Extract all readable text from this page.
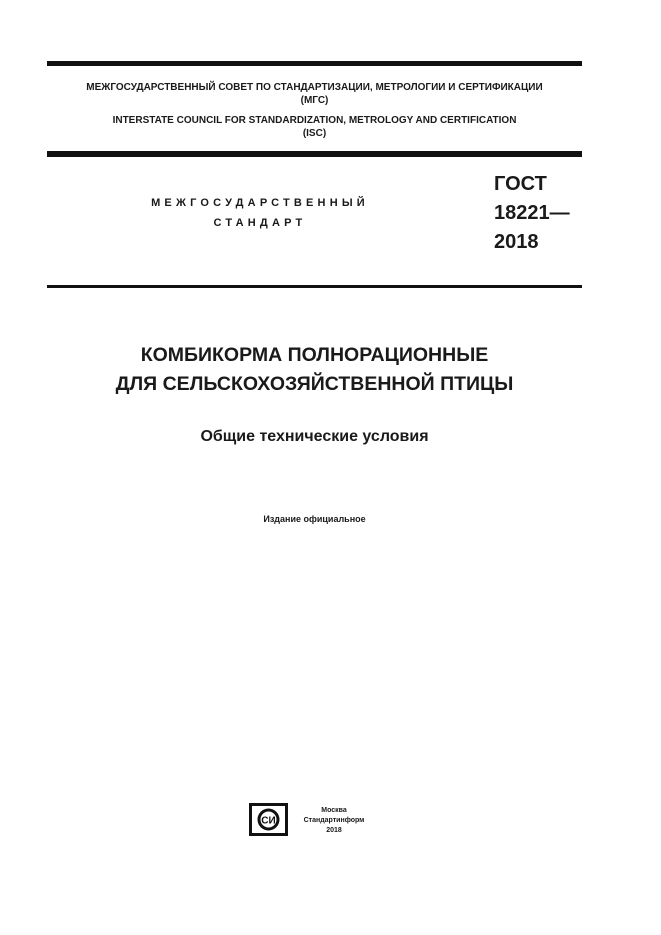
МЕЖГОСУДАРСТВЕННЫЙ СОВЕТ ПО СТАНДАРТИЗАЦИИ, МЕТРОЛОГИИ И СЕРТИФИКАЦИИ
(МГС)
INTERSTATE COUNCIL FOR STANDARDIZATION, METROLOGY AND CERTIFICATION
(ISC)
МЕЖГОСУДАРСТВЕННЫЙ
СТАНДАРТ
ГОСТ
18221—
2018
КОМБИКОРМА ПОЛНОРАЦИОННЫЕ
ДЛЯ СЕЛЬСКОХОЗЯЙСТВЕННОЙ ПТИЦЫ
Общие технические условия
Издание официальное
СИ
Москва
Стандартинформ
2018
